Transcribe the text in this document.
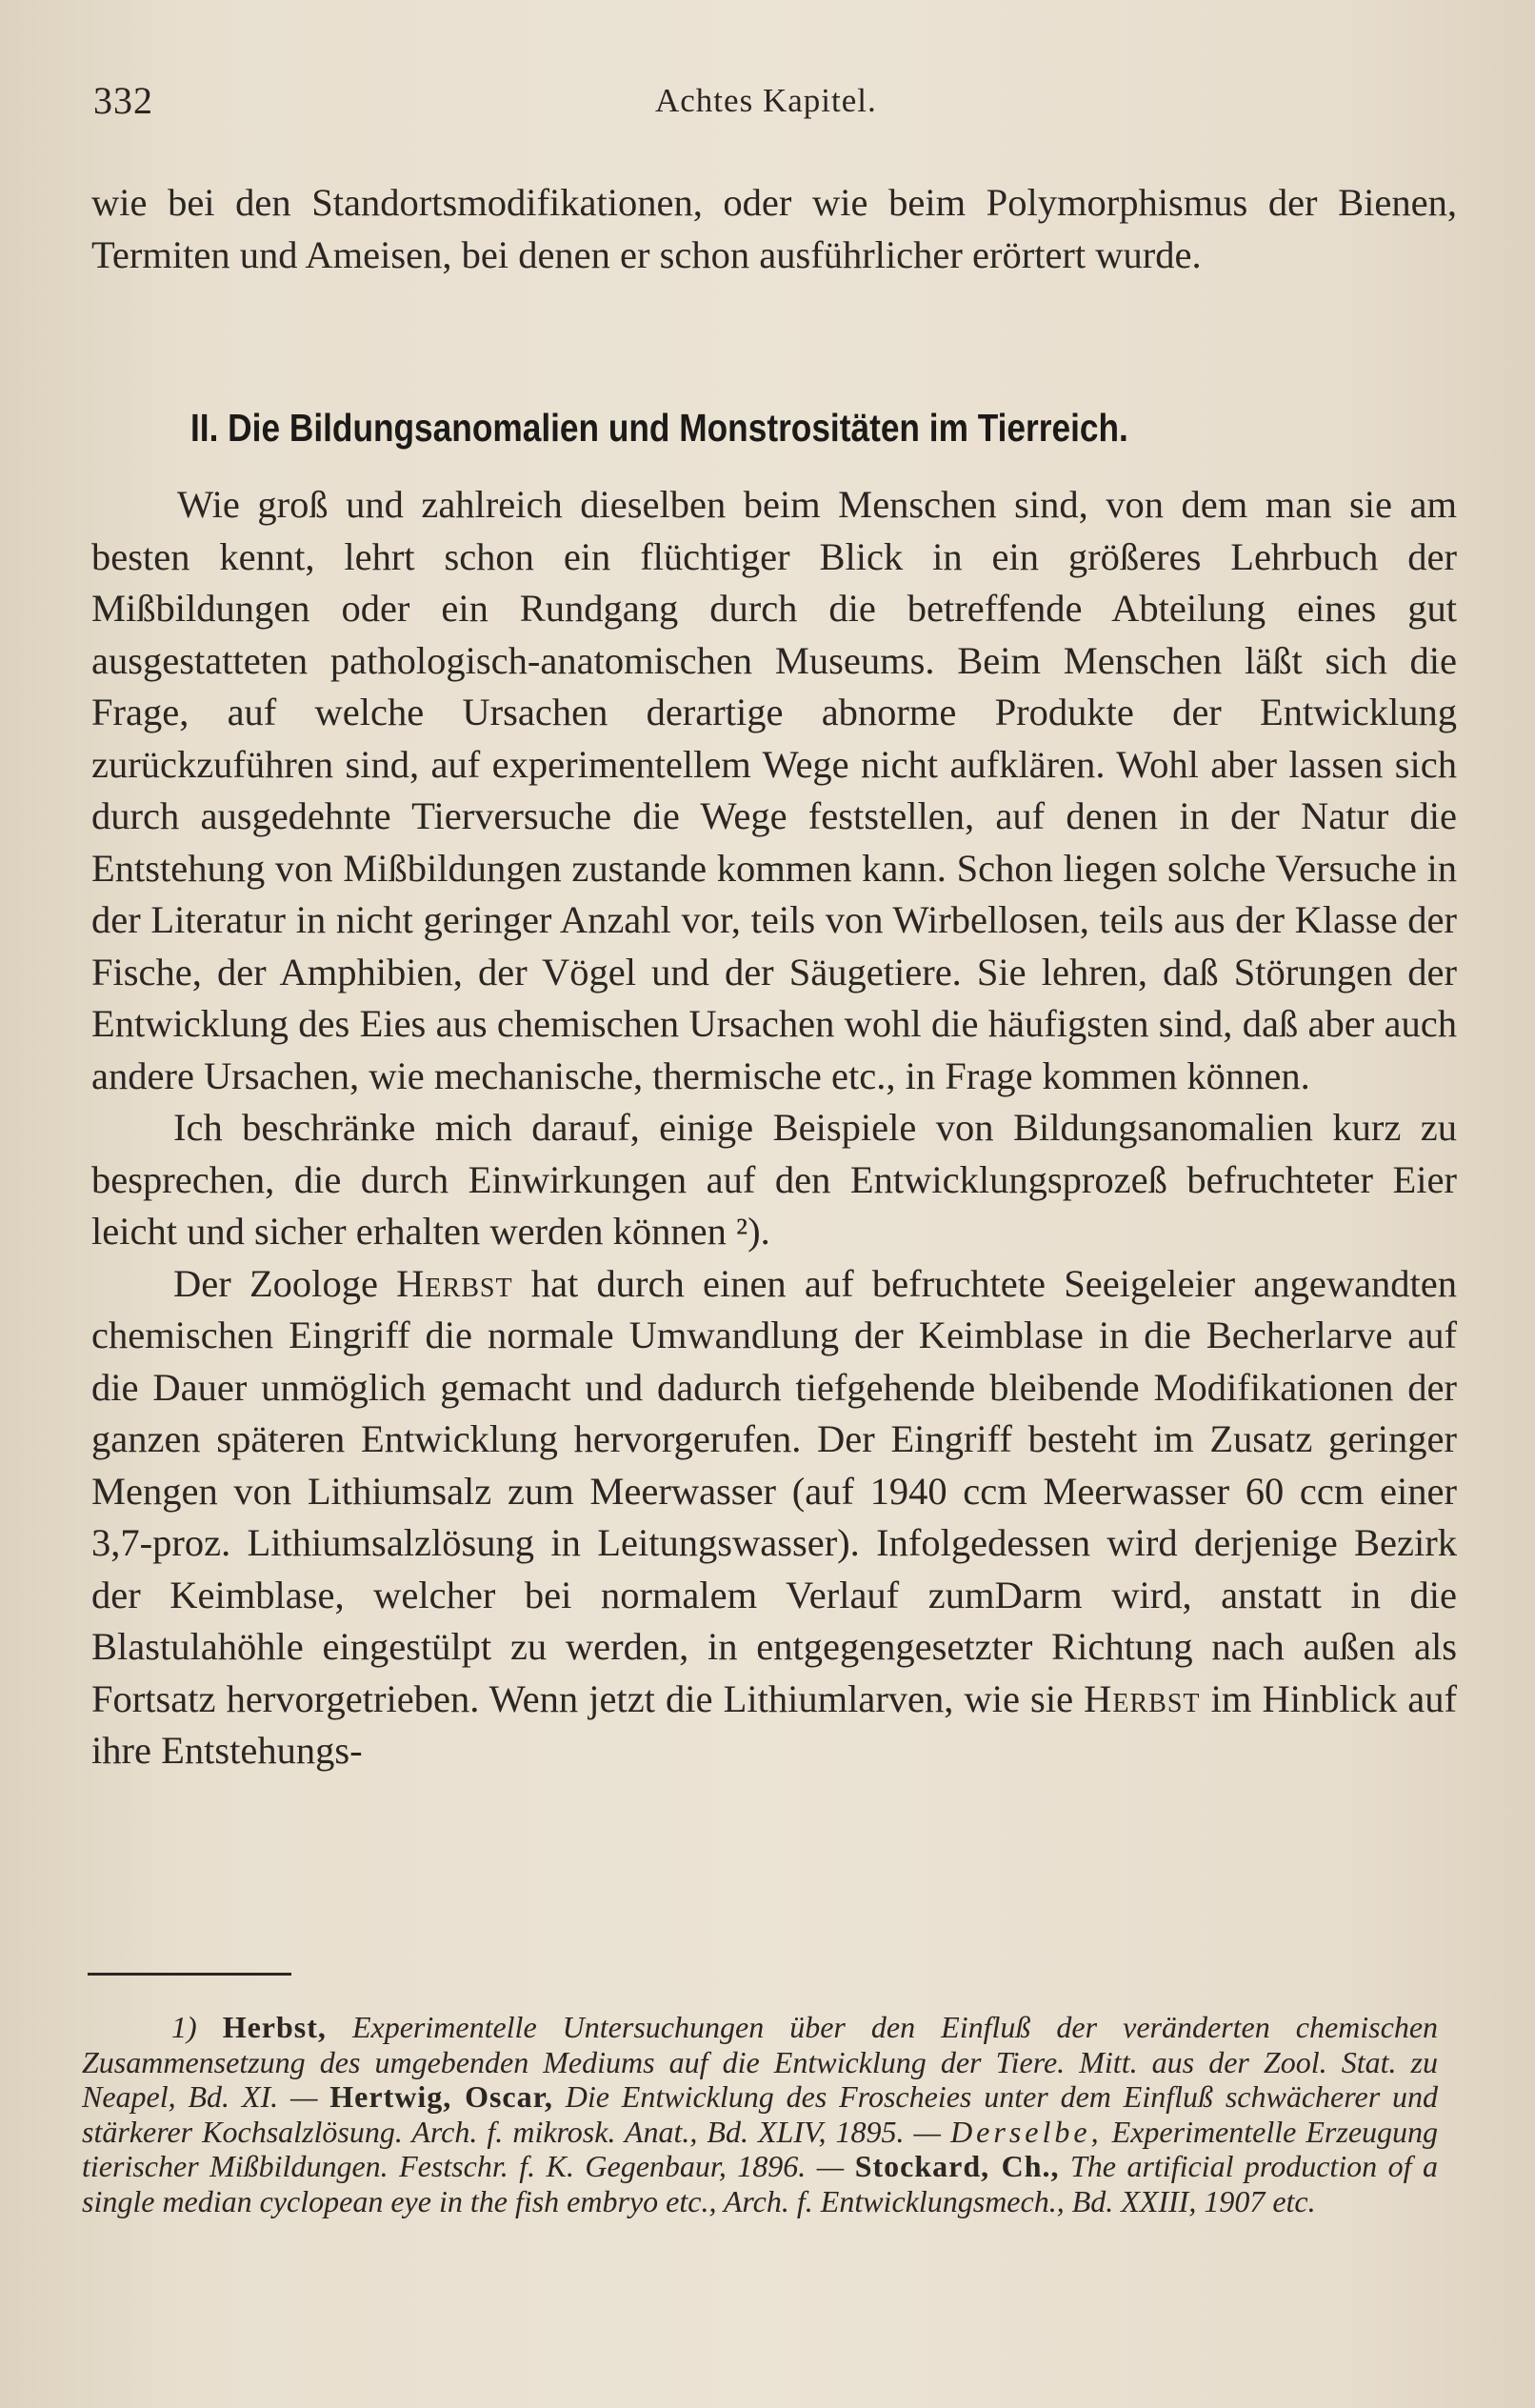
332	Achtes Kapitel.
wie bei den Standortsmodifikationen, oder wie beim Polymorphismus der Bienen, Termiten und Ameisen, bei denen er schon ausführlicher erörtert wurde.
II. Die Bildungsanomalien und Monstrositäten im Tierreich.
Wie groß und zahlreich dieselben beim Menschen sind, von dem man sie am besten kennt, lehrt schon ein flüchtiger Blick in ein größeres Lehrbuch der Mißbildungen oder ein Rundgang durch die betreffende Abteilung eines gut ausgestatteten pathologisch-anatomischen Museums. Beim Menschen läßt sich die Frage, auf welche Ursachen derartige abnorme Produkte der Entwicklung zurückzuführen sind, auf experimentellem Wege nicht aufklären. Wohl aber lassen sich durch ausgedehnte Tierversuche die Wege feststellen, auf denen in der Natur die Entstehung von Mißbildungen zustande kommen kann. Schon liegen solche Versuche in der Literatur in nicht geringer Anzahl vor, teils von Wirbellosen, teils aus der Klasse der Fische, der Amphibien, der Vögel und der Säugetiere. Sie lehren, daß Störungen der Entwicklung des Eies aus chemischen Ursachen wohl die häufigsten sind, daß aber auch andere Ursachen, wie mechanische, thermische etc., in Frage kommen können.
Ich beschränke mich darauf, einige Beispiele von Bildungsanomalien kurz zu besprechen, die durch Einwirkungen auf den Entwicklungsprozeß befruchteter Eier leicht und sicher erhalten werden können ²).
Der Zoologe Herbst hat durch einen auf befruchtete Seeigeleier angewandten chemischen Eingriff die normale Umwandlung der Keimblase in die Becherlarve auf die Dauer unmöglich gemacht und dadurch tiefgehende bleibende Modifikationen der ganzen späteren Entwicklung hervorgerufen. Der Eingriff besteht im Zusatz geringer Mengen von Lithiumsalz zum Meerwasser (auf 1940 ccm Meerwasser 60 ccm einer 3,7-proz. Lithiumsalzlösung in Leitungswasser). Infolgedessen wird derjenige Bezirk der Keimblase, welcher bei normalem Verlauf zumDarm wird, anstatt in die Blastulahöhle eingestülpt zu werden, in entgegengesetzter Richtung nach außen als Fortsatz hervorgetrieben. Wenn jetzt die Lithiumlarven, wie sie Herbst im Hinblick auf ihre Entstehungs-
1) Herbst, Experimentelle Untersuchungen über den Einfluß der veränderten chemischen Zusammensetzung des umgebenden Mediums auf die Entwicklung der Tiere. Mitt. aus der Zool. Stat. zu Neapel, Bd. XI. — Hertwig, Oscar, Die Entwicklung des Froscheies unter dem Einfluß schwächerer und stärkerer Kochsalzlösung. Arch. f. mikrosk. Anat., Bd. XLIV, 1895. — Derselbe, Experimentelle Erzeugung tierischer Mißbildungen. Festschr. f. K. Gegenbaur, 1896. — Stockard, Ch., The artificial production of a single median cyclopean eye in the fish embryo etc., Arch. f. Entwicklungsmech., Bd. XXIII, 1907 etc.
